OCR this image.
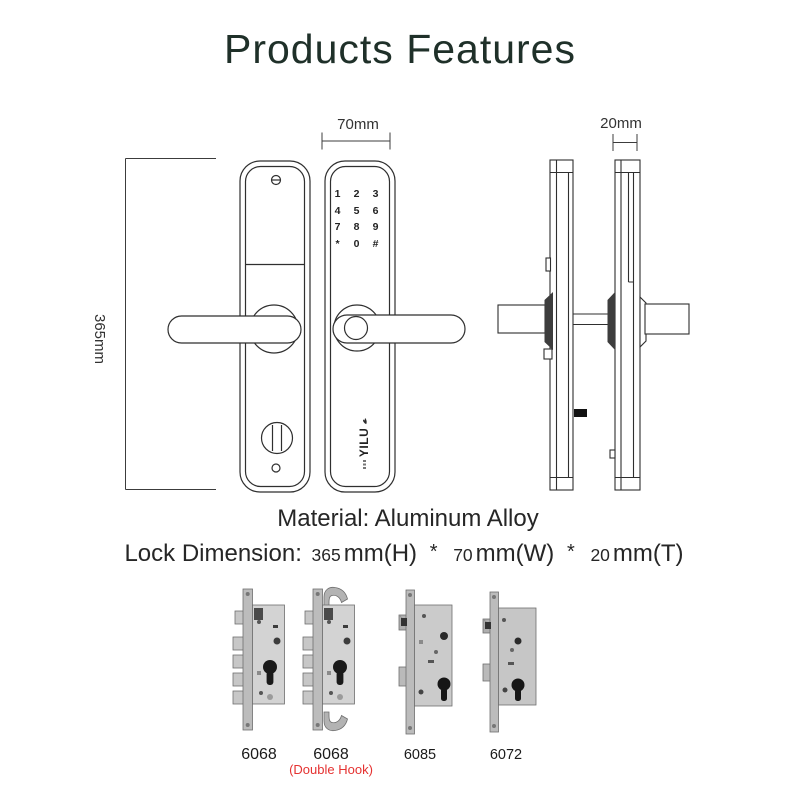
Products Features
70mm	20mm
365mm
1	2	3
4	5	6
7	8	9
*	0	#
YILU
Material: Aluminum Alloy
Lock Dimension: 365 mm(H) * 70 mm(W) * 20 mm(T)
6068	6068
(Double Hook)
6085	6072
